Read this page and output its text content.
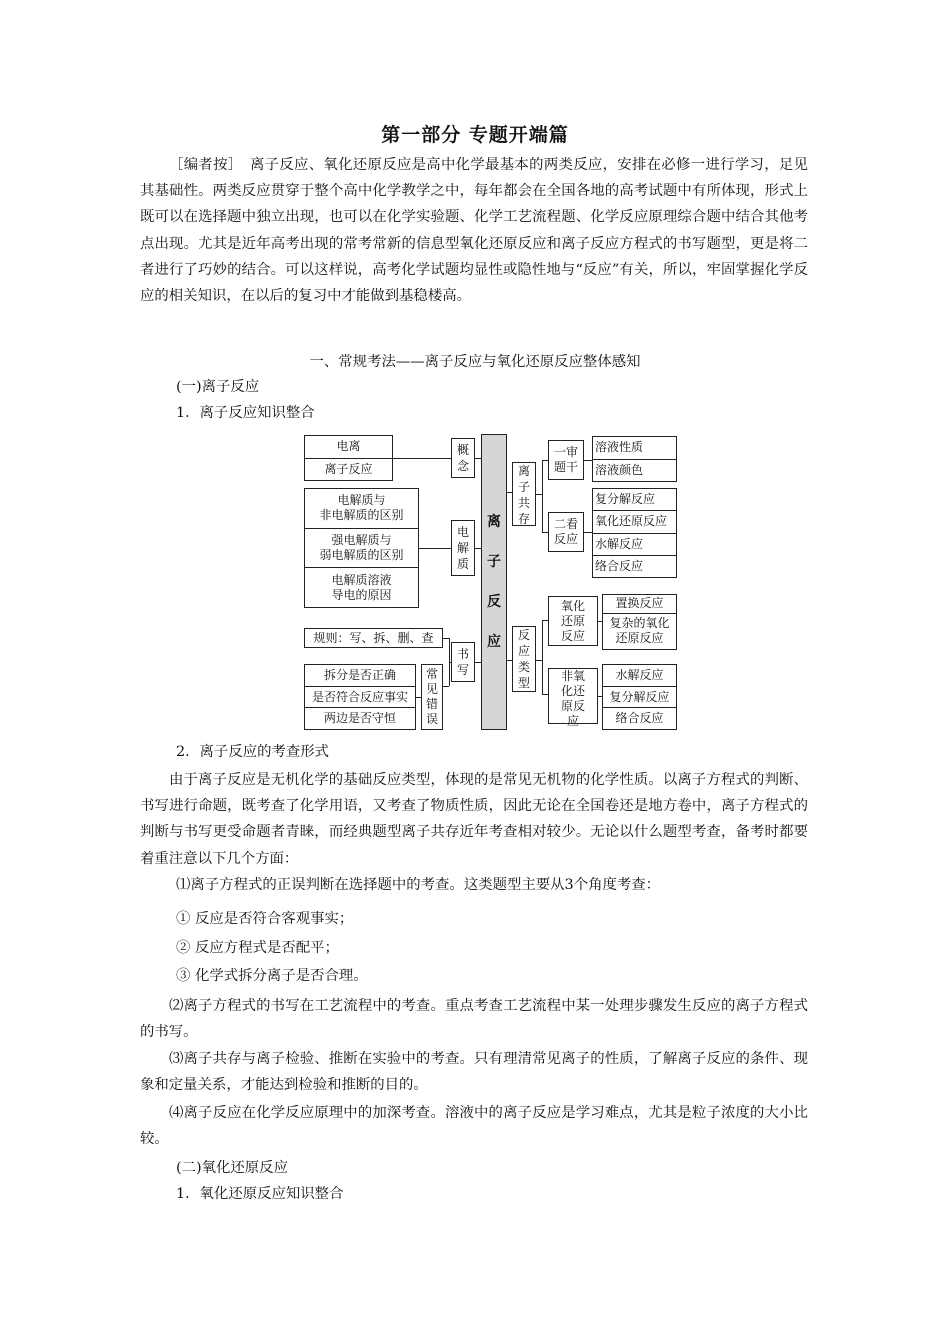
第一部分 专题开端篇

［编者按］　离子反应、氧化还原反应是高中化学最基本的两类反应，安排在必修一进行学习，足见其基础性。两类反应贯穿于整个高中化学教学之中，每年都会在全国各地的高考试题中有所体现，形式上既可以在选择题中独立出现，也可以在化学实验题、化学工艺流程题、化学反应原理综合题中结合其他考点出现。尤其是近年高考出现的常考常新的信息型氧化还原反应和离子反应方程式的书写题型，更是将二者进行了巧妙的结合。可以这样说，高考化学试题均显性或隐性地与“反应”有关，所以，牢固掌握化学反应的相关知识，在以后的复习中才能做到基稳楼高。

一、常规考法——离子反应与氧化还原反应整体感知

(一)离子反应

1．离子反应知识整合

电离
离子反应
概念
电解质与
非电解质的区别
强电解质与
弱电解质的区别
电解质溶液
导电的原因
电解质
规则：写、拆、删、查
拆分是否正确
是否符合反应事实
两边是否守恒
常见错误
书写
离子反应
离子共存
一审题干
溶液性质
溶液颜色
二看反应
复分解反应
氧化还原反应
水解反应
络合反应
反应类型
氧化还原反应
置换反应
复杂的氧化还原反应
非氧化还原反应
水解反应
复分解反应
络合反应

2．离子反应的考查形式

由于离子反应是无机化学的基础反应类型，体现的是常见无机物的化学性质。以离子方程式的判断、书写进行命题，既考查了化学用语，又考查了物质性质，因此无论在全国卷还是地方卷中，离子方程式的判断与书写更受命题者青睐，而经典题型离子共存近年考查相对较少。无论以什么题型考查，备考时都要着重注意以下几个方面：

⑴离子方程式的正误判断在选择题中的考查。这类题型主要从3个角度考查：

① 反应是否符合客观事实；

② 反应方程式是否配平；

③ 化学式拆分离子是否合理。

⑵离子方程式的书写在工艺流程中的考查。重点考查工艺流程中某一处理步骤发生反应的离子方程式的书写。

⑶离子共存与离子检验、推断在实验中的考查。只有理清常见离子的性质，了解离子反应的条件、现象和定量关系，才能达到检验和推断的目的。

⑷离子反应在化学反应原理中的加深考查。溶液中的离子反应是学习难点，尤其是粒子浓度的大小比较。

(二)氧化还原反应

1．氧化还原反应知识整合
